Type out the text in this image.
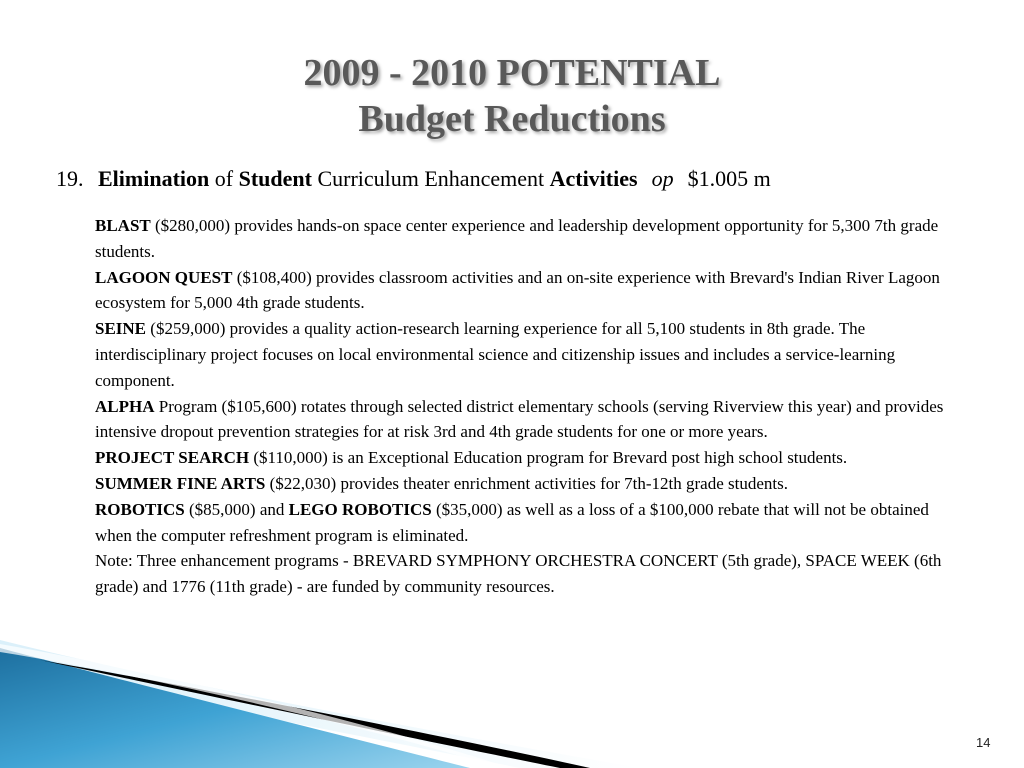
2009 - 2010 POTENTIAL
Budget Reductions
19. Elimination of Student Curriculum Enhancement Activities op $1.005 m

BLAST ($280,000) provides hands-on space center experience and leadership development opportunity for 5,300 7th grade students.

LAGOON QUEST ($108,400) provides classroom activities and an on-site experience with Brevard's Indian River Lagoon ecosystem for 5,000 4th grade students.

SEINE ($259,000) provides a quality action-research learning experience for all 5,100 students in 8th grade. The interdisciplinary project focuses on local environmental science and citizenship issues and includes a service-learning component.

ALPHA Program ($105,600) rotates through selected district elementary schools (serving Riverview this year) and provides intensive dropout prevention strategies for at risk 3rd and 4th grade students for one or more years.

PROJECT SEARCH ($110,000) is an Exceptional Education program for Brevard post high school students.

SUMMER FINE ARTS ($22,030) provides theater enrichment activities for 7th-12th grade students.

ROBOTICS ($85,000) and LEGO ROBOTICS ($35,000) as well as a loss of a $100,000 rebate that will not be obtained when the computer refreshment program is eliminated.

Note: Three enhancement programs - BREVARD SYMPHONY ORCHESTRA CONCERT (5th grade), SPACE WEEK (6th grade) and 1776 (11th grade) - are funded by community resources.

14
